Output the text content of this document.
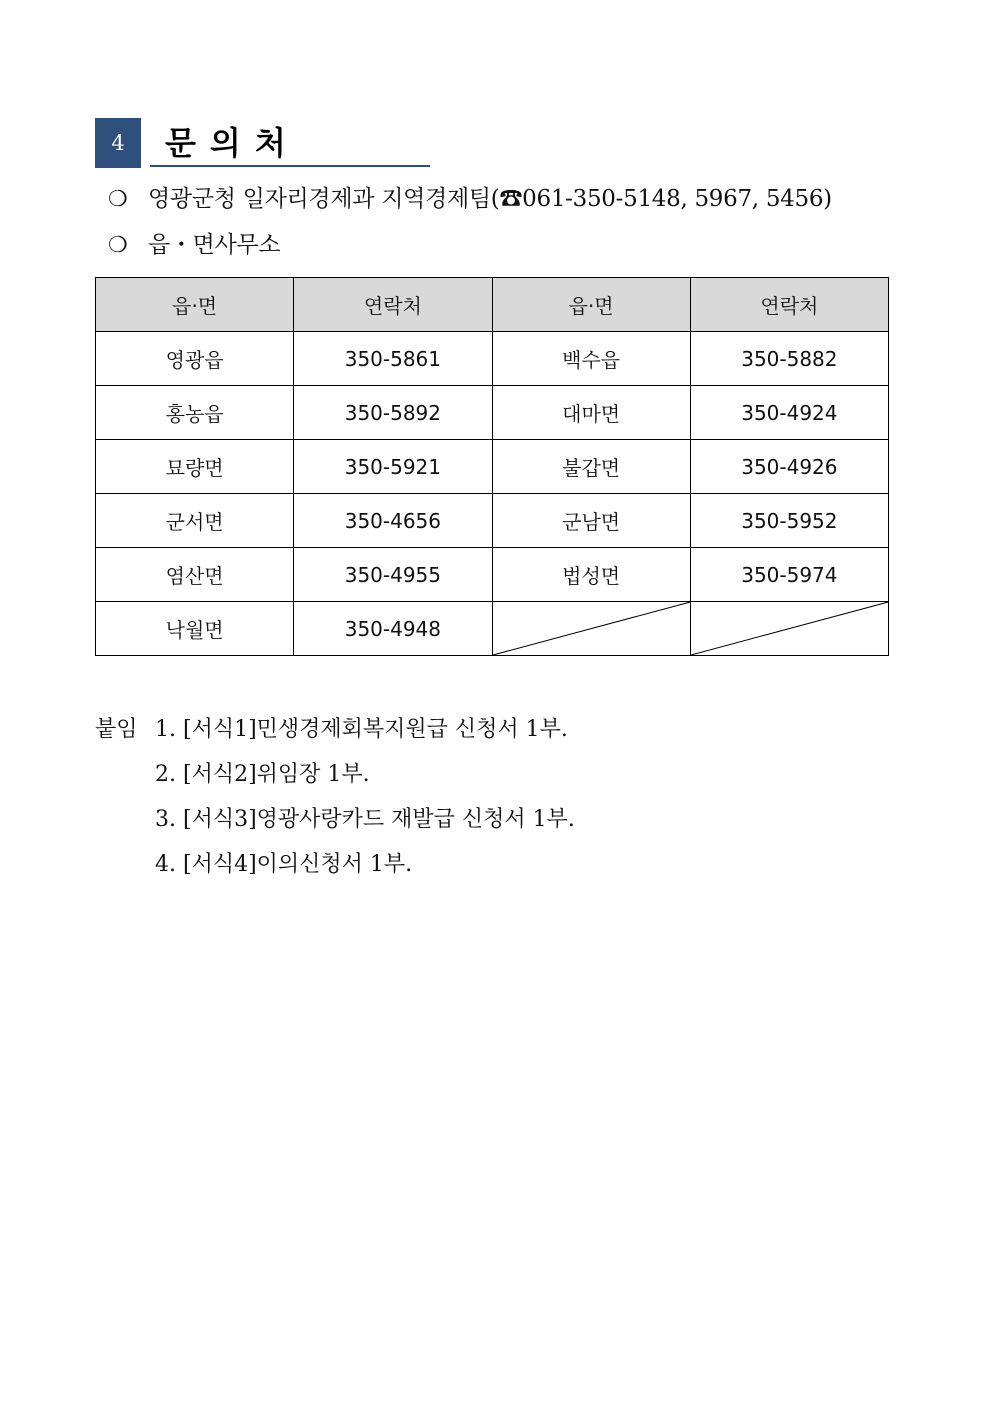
4	문의처
❍ 영광군청 일자리경제과 지역경제팀(☎061-350-5148, 5967, 5456)
❍ 읍・면사무소
읍·면	연락처	읍·면	연락처
영광읍	350-5861	백수읍	350-5882
홍농읍	350-5892	대마면	350-4924
묘량면	350-5921	불갑면	350-4926
군서면	350-4656	군남면	350-5952
염산면	350-4955	법성면	350-5974
낙월면	350-4948	

붙임 1. [서식1]민생경제회복지원급 신청서 1부.
2. [서식2]위임장 1부.
3. [서식3]영광사랑카드 재발급 신청서 1부.
4. [서식4]이의신청서 1부.
